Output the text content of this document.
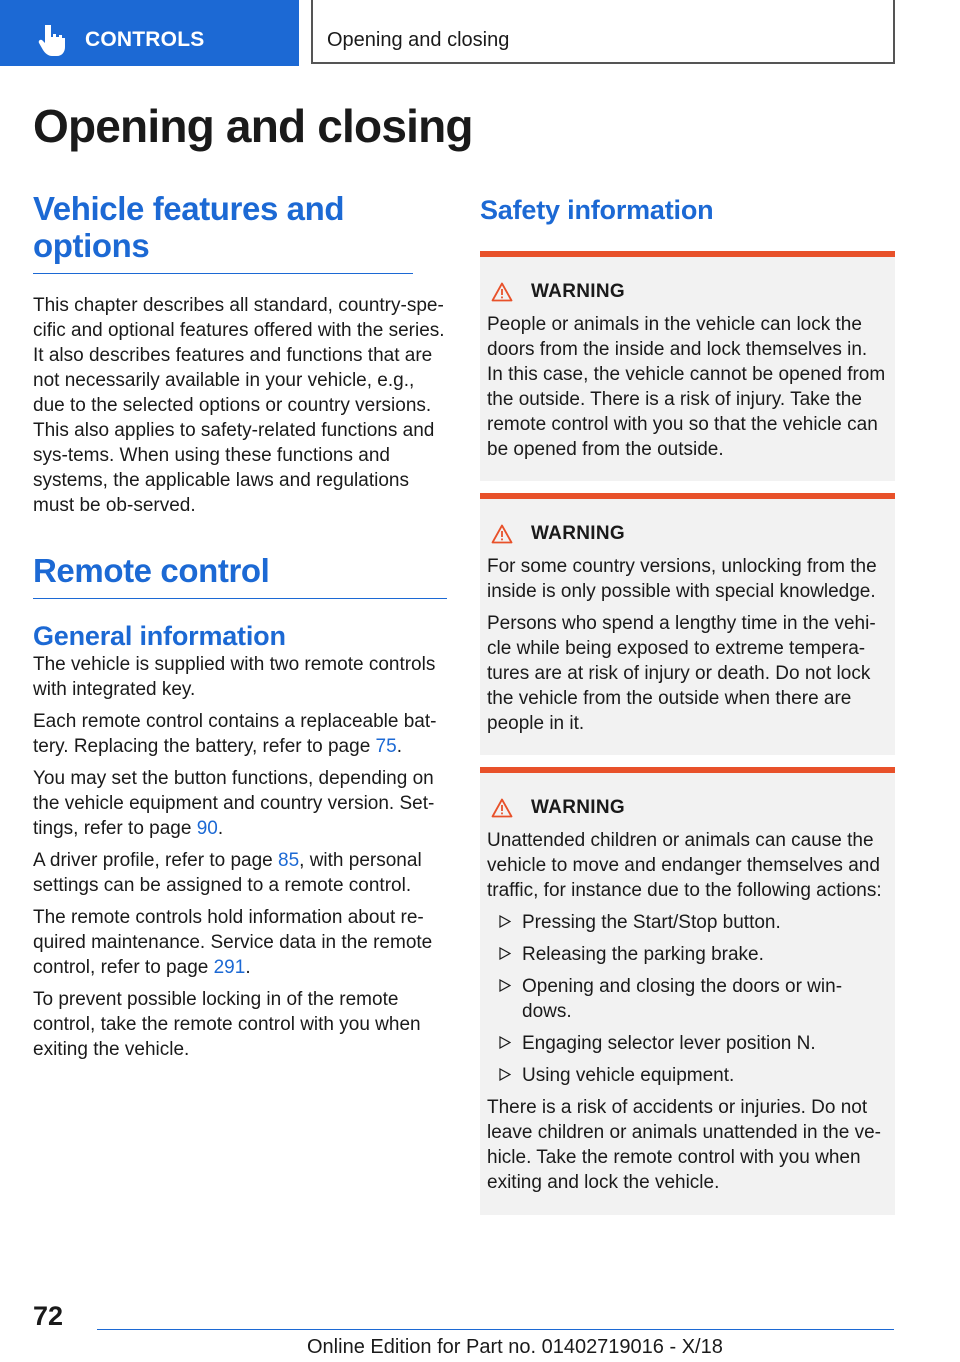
CONTROLS	Opening and closing
Opening and closing
Vehicle features and options

This chapter describes all standard, country-spe-cific and optional features offered with the series. It also describes features and functions that are not necessarily available in your vehicle, e.g., due to the selected options or country versions. This also applies to safety-related functions and sys-tems. When using these functions and systems, the applicable laws and regulations must be ob-served.

Remote control
General information

The vehicle is supplied with two remote controls with integrated key.

Each remote control contains a replaceable bat-tery. Replacing the battery, refer to page 75.

You may set the button functions, depending on the vehicle equipment and country version. Set-tings, refer to page 90.

A driver profile, refer to page 85, with personal settings can be assigned to a remote control.

The remote controls hold information about re-quired maintenance. Service data in the remote control, refer to page 291.

To prevent possible locking in of the remote control, take the remote control with you when exiting the vehicle.

Safety information
WARNING

People or animals in the vehicle can lock the doors from the inside and lock themselves in. In this case, the vehicle cannot be opened from the outside. There is a risk of injury. Take the remote control with you so that the vehicle can be opened from the outside.

WARNING

For some country versions, unlocking from the inside is only possible with special knowledge.

Persons who spend a lengthy time in the vehi-cle while being exposed to extreme tempera-tures are at risk of injury or death. Do not lock the vehicle from the outside when there are people in it.

WARNING

Unattended children or animals can cause the vehicle to move and endanger themselves and traffic, for instance due to the following actions:

Pressing the Start/Stop button.
Releasing the parking brake.
Opening and closing the doors or win-dows.
Engaging selector lever position N.
Using vehicle equipment.

There is a risk of accidents or injuries. Do not leave children or animals unattended in the ve-hicle. Take the remote control with you when exiting and lock the vehicle.

72
Online Edition for Part no. 01402719016 - X/18
